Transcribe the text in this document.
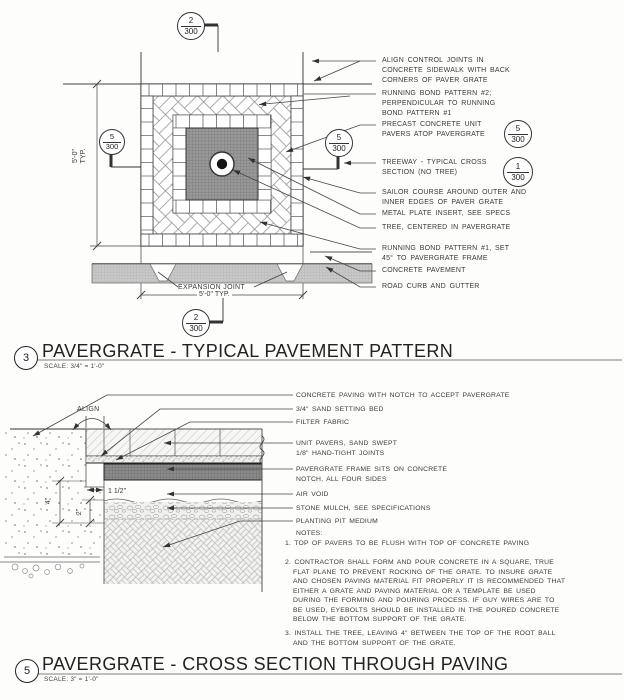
2
300
2
300
5
300
5
300
5
300
1
300
ALIGN CONTROL JOINTS IN
CONCRETE SIDEWALK WITH BACK
CORNERS OF PAVER GRATE
RUNNING BOND PATTERN #2;
PERPENDICULAR TO RUNNING
BOND PATTERN #1
PRECAST CONCRETE UNIT
PAVERS ATOP PAVERGRATE
TREEWAY - TYPICAL CROSS
SECTION (NO TREE)
SAILOR COURSE AROUND OUTER AND
INNER EDGES OF PAVER GRATE
METAL PLATE INSERT, SEE SPECS
TREE, CENTERED IN PAVERGRATE
RUNNING BOND PATTERN #1, SET
45° TO PAVERGRATE FRAME
CONCRETE PAVEMENT
ROAD CURB AND GUTTER
EXPANSION JOINT
5'-0" TYP.
5'-0" TYP.
ALIGN
4"
2"
1 1/2"
CONCRETE PAVING WITH NOTCH TO ACCEPT PAVERGRATE
3/4" SAND SETTING BED
FILTER FABRIC
UNIT PAVERS, SAND SWEPT
1/8" HAND-TIGHT JOINTS
PAVERGRATE FRAME SITS ON CONCRETE
NOTCH, ALL FOUR SIDES
AIR VOID
STONE MULCH, SEE SPECIFICATIONS
PLANTING PIT MEDIUM
NOTES:
1. TOP OF PAVERS TO BE FLUSH WITH TOP OF CONCRETE PAVING
2. CONTRACTOR SHALL FORM AND POUR CONCRETE IN A SQUARE, TRUE
FLAT PLANE TO PREVENT ROCKING OF THE GRATE. TO INSURE GRATE
AND CHOSEN PAVING MATERIAL FIT PROPERLY IT IS RECOMMENDED THAT
EITHER A GRATE AND PAVING MATERIAL OR A TEMPLATE BE USED
DURING THE FORMING AND POURING PROCESS. IF GUY WIRES ARE TO
BE USED, EYEBOLTS SHOULD BE INSTALLED IN THE POURED CONCRETE
BELOW THE BOTTOM SUPPORT OF THE GRATE.
3. INSTALL THE TREE, LEAVING 4" BETWEEN THE TOP OF THE ROOT BALL
AND THE BOTTOM SUPPORT OF THE GRATE.
3 PAVERGRATE - TYPICAL PAVEMENT PATTERN
SCALE: 3/4" = 1'-0"
5 PAVERGRATE - CROSS SECTION THROUGH PAVING
SCALE: 3" = 1'-0"
